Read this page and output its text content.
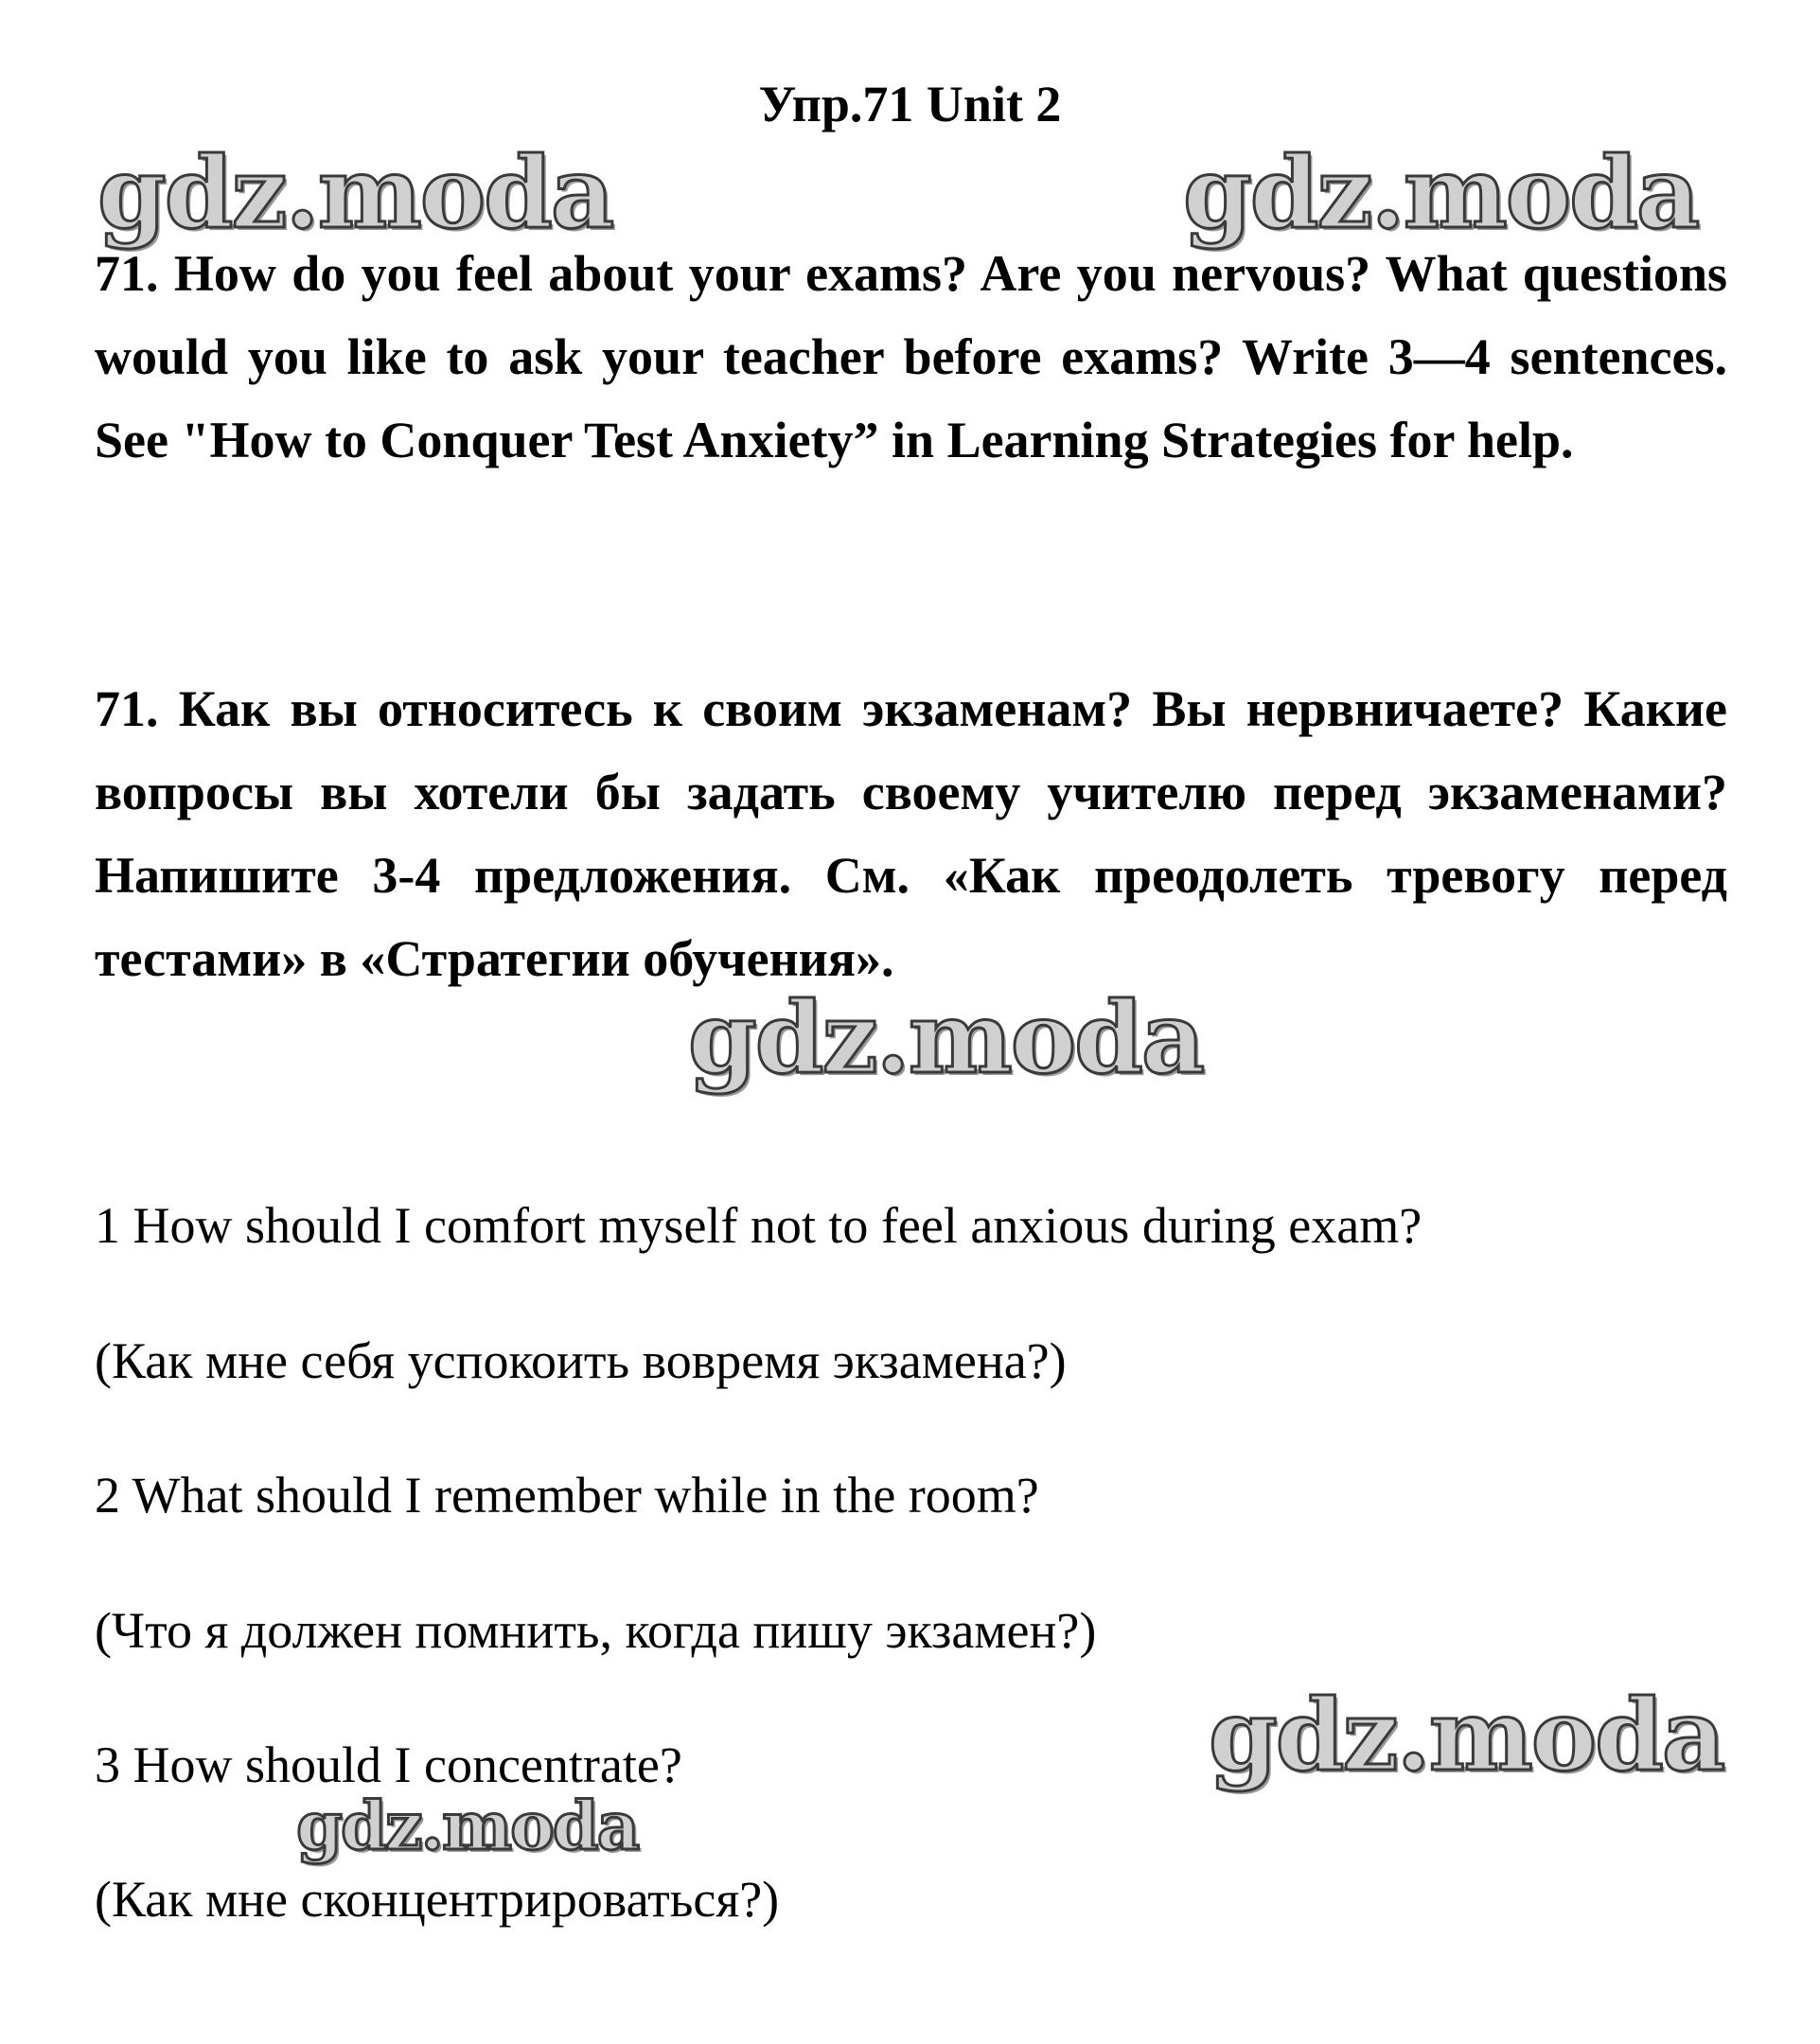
Упр.71 Unit 2
gdz.moda	gdz.moda
71. How do you feel about your exams? Are you nervous? What questions would you like to ask your teacher before exams? Write 3—4 sentences. See "How to Conquer Test Anxiety” in Learning Strategies for help.
71. Как вы относитесь к своим экзаменам? Вы нервничаете? Какие вопросы вы хотели бы задать своему учителю перед экзаменами? Напишите 3-4 предложения. См. «Как преодолеть тревогу перед тестами» в «Стратегии обучения».
gdz.moda
1 How should I comfort myself not to feel anxious during exam?
(Как мне себя успокоить вовремя экзамена?)
2 What should I remember while in the room?
(Что я должен помнить, когда пишу экзамен?)
gdz.moda
3 How should I concentrate?
gdz.moda
(Как мне сконцентрироваться?)
